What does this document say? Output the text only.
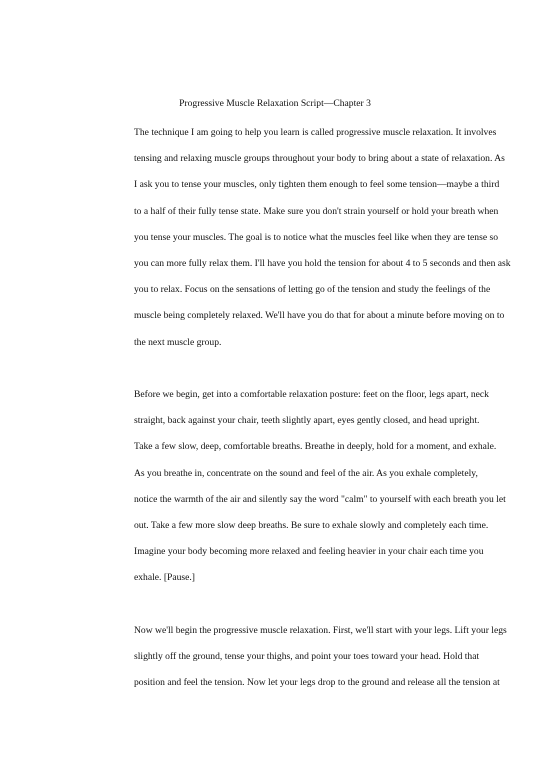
Progressive Muscle Relaxation Script—Chapter 3
The technique I am going to help you learn is called progressive muscle relaxation. It involves
tensing and relaxing muscle groups throughout your body to bring about a state of relaxation. As
I ask you to tense your muscles, only tighten them enough to feel some tension—maybe a third
to a half of their fully tense state. Make sure you don't strain yourself or hold your breath when
you tense your muscles. The goal is to notice what the muscles feel like when they are tense so
you can more fully relax them. I'll have you hold the tension for about 4 to 5 seconds and then ask
you to relax. Focus on the sensations of letting go of the tension and study the feelings of the
muscle being completely relaxed. We'll have you do that for about a minute before moving on to
the next muscle group.
Before we begin, get into a comfortable relaxation posture: feet on the floor, legs apart, neck
straight, back against your chair, teeth slightly apart, eyes gently closed, and head upright.
Take a few slow, deep, comfortable breaths. Breathe in deeply, hold for a moment, and exhale.
As you breathe in, concentrate on the sound and feel of the air. As you exhale completely,
notice the warmth of the air and silently say the word "calm" to yourself with each breath you let
out. Take a few more slow deep breaths. Be sure to exhale slowly and completely each time.
Imagine your body becoming more relaxed and feeling heavier in your chair each time you
exhale. [Pause.]
Now we'll begin the progressive muscle relaxation. First, we'll start with your legs. Lift your legs
slightly off the ground, tense your thighs, and point your toes toward your head. Hold that
position and feel the tension. Now let your legs drop to the ground and release all the tension at
